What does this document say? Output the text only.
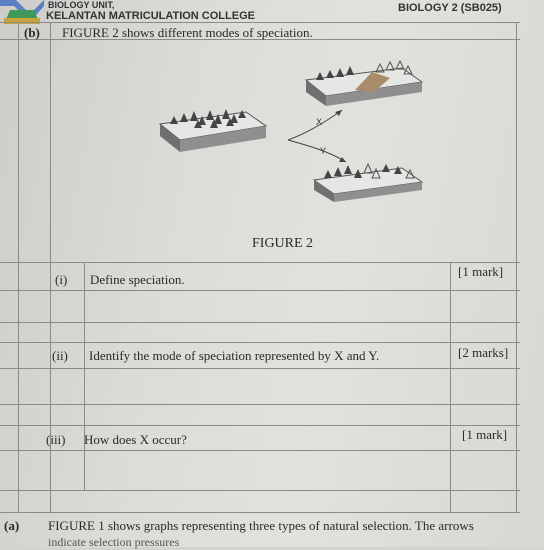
BIOLOGY UNIT,
KELANTAN MATRICULATION COLLEGE
BIOLOGY 2 (SB025)
(b) FIGURE 2 shows different modes of speciation.
X
Y
FIGURE 2
(i) Define speciation.
[1 mark]
(ii) Identify the mode of speciation represented by X and Y.	[2 marks]
(iii) How does X occur?	[1 mark]
(a) FIGURE 1 shows graphs representing three types of natural selection. The arrows
indicate selection pressures
